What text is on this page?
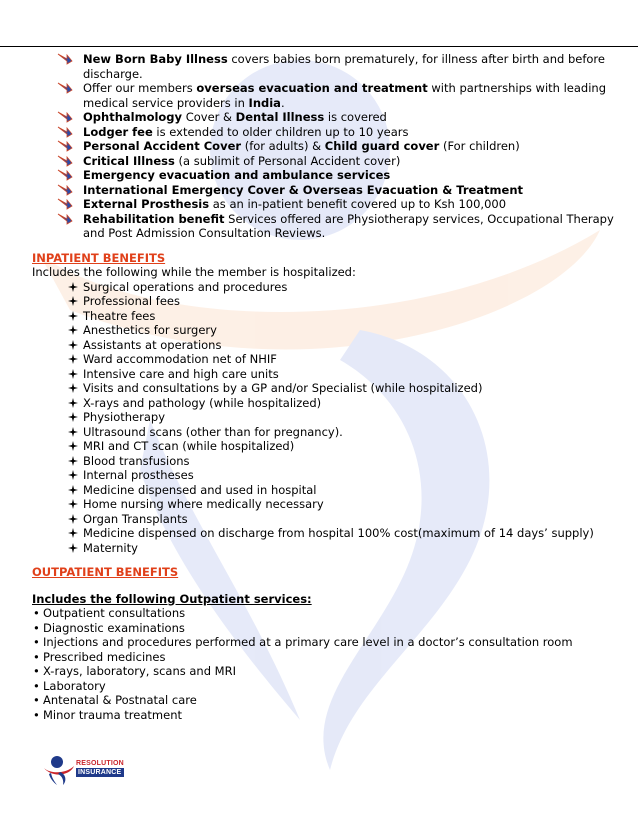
New Born Baby Illness covers babies born prematurely, for illness after birth and before discharge.
Offer our members overseas evacuation and treatment with partnerships with leading medical service providers in India.
Ophthalmology Cover & Dental Illness is covered
Lodger fee is extended to older children up to 10 years
Personal Accident Cover (for adults) & Child guard cover (For children)
Critical Illness (a sublimit of Personal Accident cover)
Emergency evacuation and ambulance services
International Emergency Cover & Overseas Evacuation & Treatment
External Prosthesis as an in-patient benefit covered up to Ksh 100,000
Rehabilitation benefit Services offered are Physiotherapy services, Occupational Therapy and Post Admission Consultation Reviews.
INPATIENT BENEFITS
Includes the following while the member is hospitalized:
Surgical operations and procedures
Professional fees
Theatre fees
Anesthetics for surgery
Assistants at operations
Ward accommodation net of NHIF
Intensive care and high care units
Visits and consultations by a GP and/or Specialist (while hospitalized)
X-rays and pathology (while hospitalized)
Physiotherapy
Ultrasound scans (other than for pregnancy).
MRI and CT scan (while hospitalized)
Blood transfusions
Internal prostheses
Medicine dispensed and used in hospital
Home nursing where medically necessary
Organ Transplants
Medicine dispensed on discharge from hospital 100% cost(maximum of 14 days’ supply)
Maternity
OUTPATIENT BENEFITS
Includes the following Outpatient services:
• Outpatient consultations
• Diagnostic examinations
• Injections and procedures performed at a primary care level in a doctor’s consultation room
• Prescribed medicines
• X-rays, laboratory, scans and MRI
• Laboratory
• Antenatal & Postnatal care
• Minor trauma treatment
RESOLUTION
INSURANCE
